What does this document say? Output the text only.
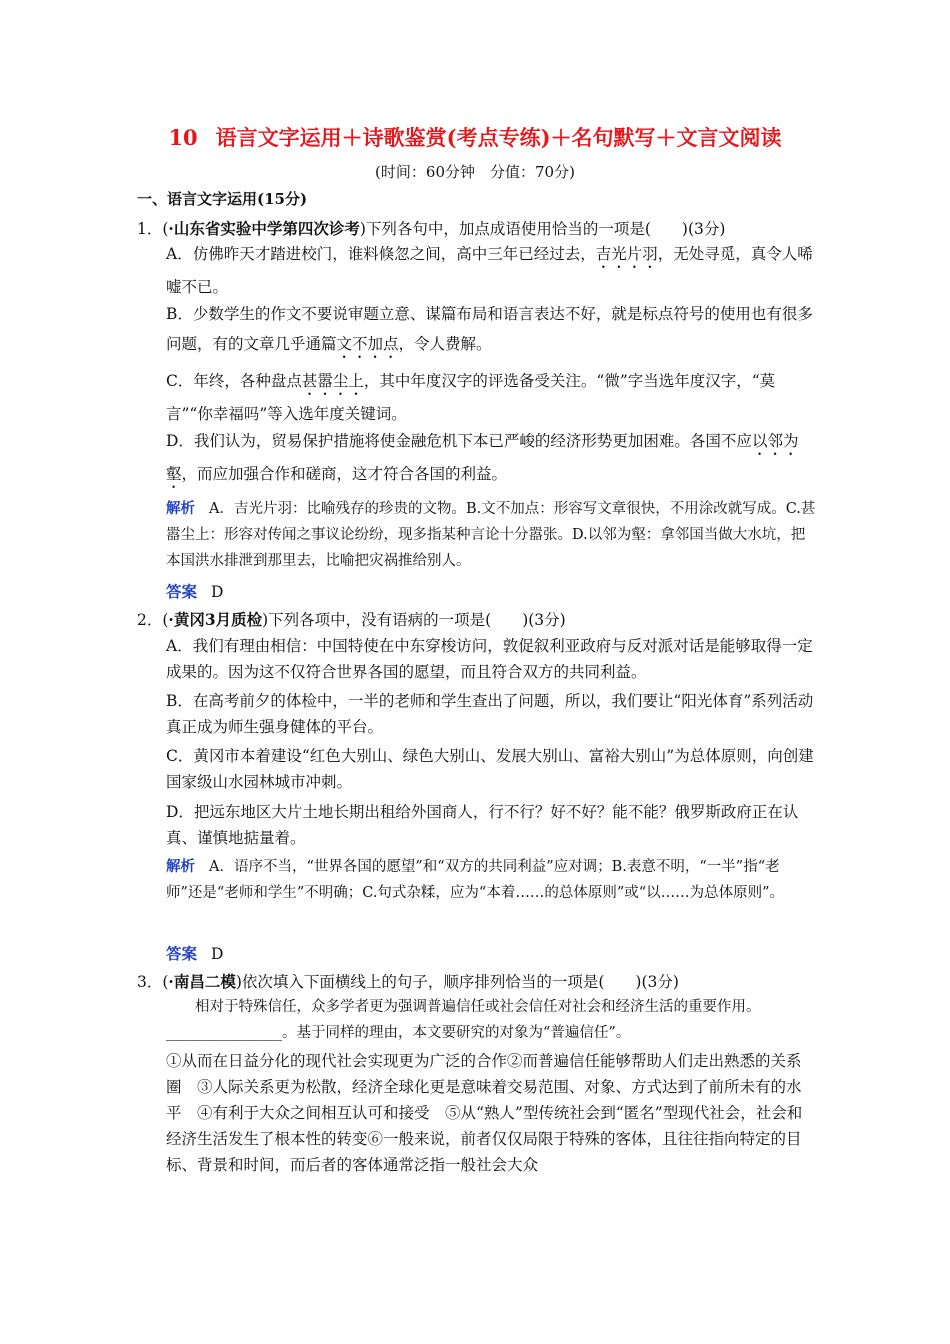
10 语言文字运用＋诗歌鉴赏(考点专练)＋名句默写＋文言文阅读
(时间：60分钟　分值：70分)
一、语言文字运用(15分)
1．(·山东省实验中学第四次诊考)下列各句中，加点成语使用恰当的一项是(　　)(3分)
A．仿佛昨天才踏进校门，谁料倏忽之间，高中三年已经过去，吉光片羽，无处寻觅，真令人唏嘘不已。
B．少数学生的作文不要说审题立意、谋篇布局和语言表达不好，就是标点符号的使用也有很多问题，有的文章几乎通篇文不加点，令人费解。
C．年终，各种盘点甚嚣尘上，其中年度汉字的评选备受关注。“微”字当选年度汉字，“莫言”“你幸福吗”等入选年度关键词。
D．我们认为，贸易保护措施将使金融危机下本已严峻的经济形势更加困难。各国不应以邻为壑，而应加强合作和磋商，这才符合各国的利益。
解析 A．吉光片羽：比喻残存的珍贵的文物。B.文不加点：形容写文章很快，不用涂改就写成。C.甚嚣尘上：形容对传闻之事议论纷纷，现多指某种言论十分嚣张。D.以邻为壑：拿邻国当做大水坑，把本国洪水排泄到那里去，比喻把灾祸推给别人。
答案 D
2．(·黄冈3月质检)下列各项中，没有语病的一项是(　　)(3分)
A．我们有理由相信：中国特使在中东穿梭访问，敦促叙利亚政府与反对派对话是能够取得一定成果的。因为这不仅符合世界各国的愿望，而且符合双方的共同利益。
B．在高考前夕的体检中，一半的老师和学生查出了问题，所以，我们要让“阳光体育”系列活动真正成为师生强身健体的平台。
C．黄冈市本着建设“红色大别山、绿色大别山、发展大别山、富裕大别山”为总体原则，向创建国家级山水园林城市冲刺。
D．把远东地区大片土地长期出租给外国商人，行不行？好不好？能不能？俄罗斯政府正在认真、谨慎地掂量着。
解析 A．语序不当，“世界各国的愿望”和“双方的共同利益”应对调；B.表意不明，“一半”指“老师”还是“老师和学生”不明确；C.句式杂糅，应为“本着……的总体原则”或“以……为总体原则”。
答案 D
3．(·南昌二模)依次填入下面横线上的句子，顺序排列恰当的一项是(　　)(3分)
相对于特殊信任，众多学者更为强调普遍信任或社会信任对社会和经济生活的重要作用。________________。基于同样的理由，本文要研究的对象为“普遍信任”。
①从而在日益分化的现代社会实现更为广泛的合作②而普遍信任能够帮助人们走出熟悉的关系圈　③人际关系更为松散，经济全球化更是意味着交易范围、对象、方式达到了前所未有的水平　④有利于大众之间相互认可和接受　⑤从“熟人”型传统社会到“匿名”型现代社会，社会和经济生活发生了根本性的转变⑥一般来说，前者仅仅局限于特殊的客体，且往往指向特定的目标、背景和时间，而后者的客体通常泛指一般社会大众
